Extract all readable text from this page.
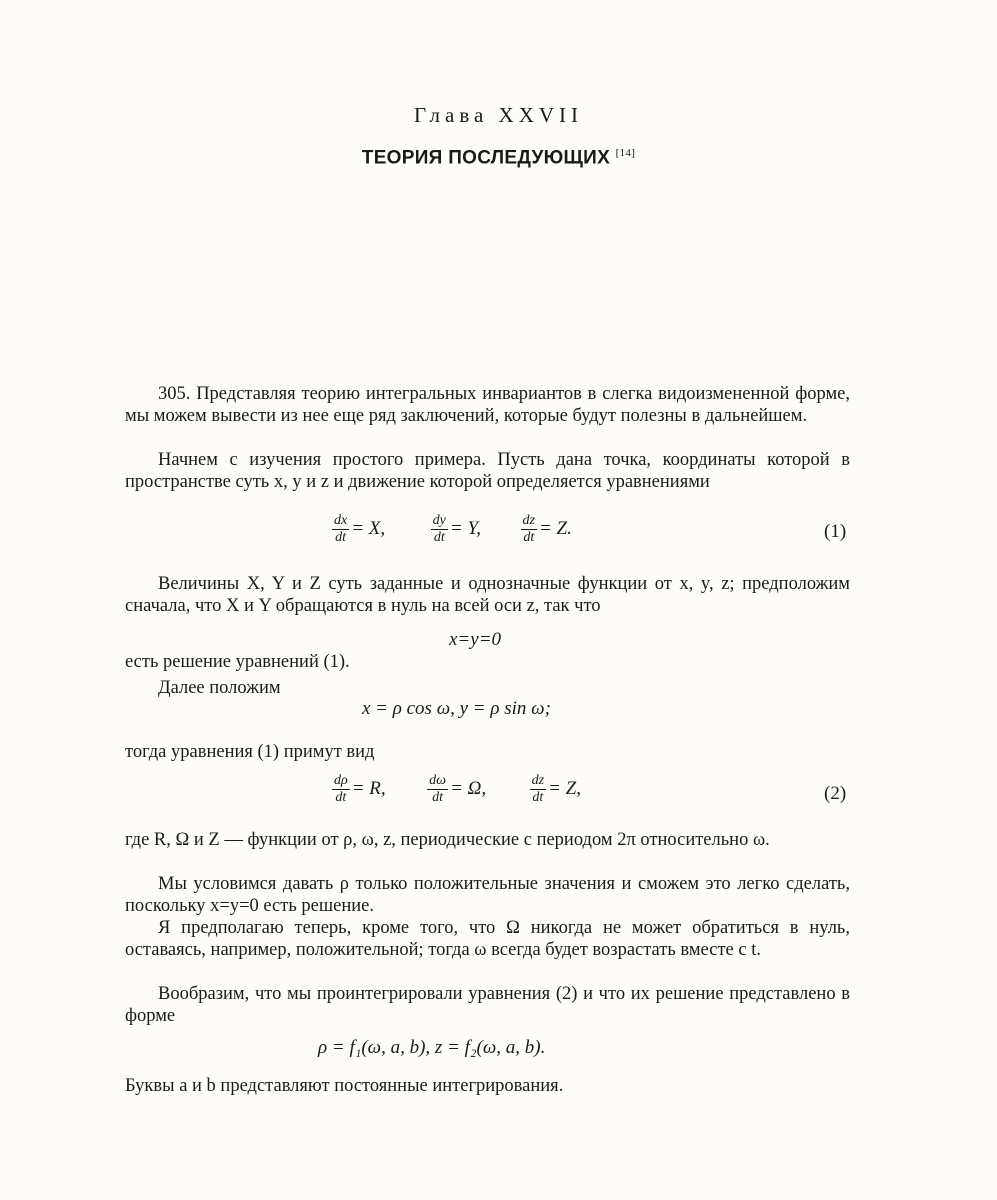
Глава XXVII
ТЕОРИЯ ПОСЛЕДУЮЩИХ [14]
305. Представляя теорию интегральных инвариантов в слегка видоизмененной форме, мы можем вывести из нее еще ряд заключений, которые будут полезны в дальнейшем.
Начнем с изучения простого примера. Пусть дана точка, координаты которой в пространстве суть x, y и z и движение которой определяется уравнениями
$\frac{dx}{dt} = X$,	$\frac{dy}{dt} = Y$,	$\frac{dz}{dt} = Z$.	(1)
Величины X, Y и Z суть заданные и однозначные функции от x, y, z; предположим сначала, что X и Y обращаются в нуль на всей оси z, так что
x=y=0
есть решение уравнений (1).
Далее положим
x = ρ cos ω, y = ρ sin ω;
тогда уравнения (1) примут вид
$\frac{d\rho}{dt} = R$,	$\frac{d\omega}{dt} = \Omega$,	$\frac{dz}{dt} = Z$,	(2)
где R, Ω и Z — функции от ρ, ω, z, периодические с периодом 2π относительно ω.
Мы условимся давать ρ только положительные значения и сможем это легко сделать, поскольку x=y=0 есть решение.
Я предполагаю теперь, кроме того, что Ω никогда не может обратиться в нуль, оставаясь, например, положительной; тогда ω всегда будет возрастать вместе с t.
Вообразим, что мы проинтегрировали уравнения (2) и что их решение представлено в форме
ρ = f₁(ω, a, b), z = f₂(ω, a, b).
Буквы a и b представляют постоянные интегрирования.
